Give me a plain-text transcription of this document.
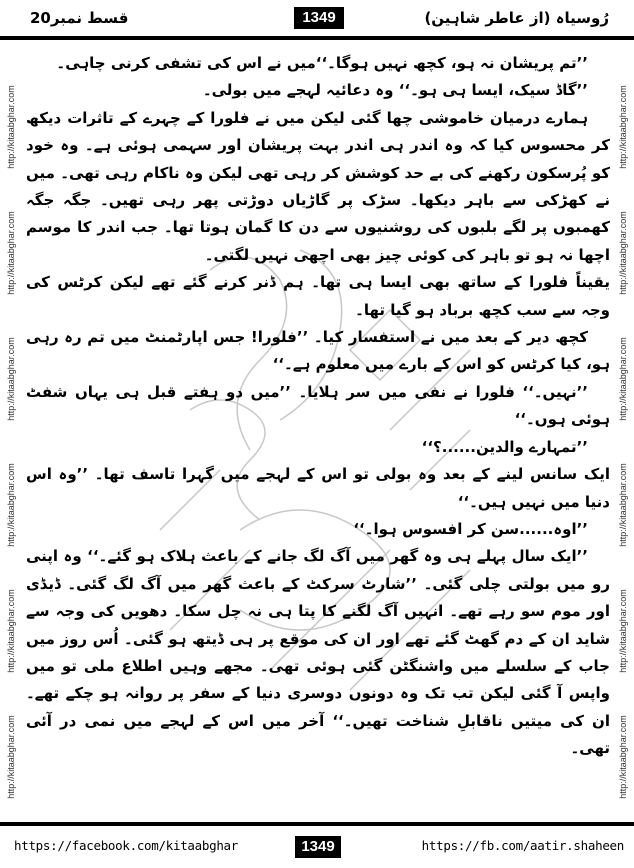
رُوسیاہ (از عاطر شاہین)
1349
قسط نمبر20
http://kitaabghar.comhttp://kitaabghar.comhttp://kitaabghar.comhttp://kitaabghar.comhttp://kitaabghar.comhttp://kitaabghar.com
http://kitaabghar.comhttp://kitaabghar.comhttp://kitaabghar.comhttp://kitaabghar.comhttp://kitaabghar.comhttp://kitaabghar.com

’’تم پریشان نہ ہو، کچھ نہیں ہوگا۔‘‘میں نے اس کی تشفی کرنی چاہی۔

’’گاڈ سیک، ایسا ہی ہو۔‘‘ وہ دعائیہ لہجے میں بولی۔

ہمارے درمیان خاموشی چھا گئی لیکن میں نے فلورا کے چہرے کے تاثرات دیکھ کر محسوس کیا کہ وہ اندر ہی اندر بہت پریشان اور سہمی ہوئی ہے۔ وہ خود کو پُرسکون رکھنے کی بے حد کوشش کر رہی تھی لیکن وہ ناکام رہی تھی۔ میں نے کھڑکی سے باہر دیکھا۔ سڑک پر گاڑیاں دوڑتی پھر رہی تھیں۔ جگہ جگہ کھمبوں پر لگے بلبوں کی روشنیوں سے دن کا گمان ہوتا تھا۔ جب اندر کا موسم اچھا نہ ہو تو باہر کی کوئی چیز بھی اچھی نہیں لگتی۔

یقیناً فلورا کے ساتھ بھی ایسا ہی تھا۔ ہم ڈنر کرنے گئے تھے لیکن کرٹس کی وجہ سے سب کچھ برباد ہو گیا تھا۔

کچھ دیر کے بعد میں نے استفسار کیا۔ ’’فلورا! جس اپارٹمنٹ میں تم رہ رہی ہو، کیا کرٹس کو اس کے بارے میں معلوم ہے۔‘‘

’’نہیں۔‘‘ فلورا نے نفی میں سر ہلایا۔ ’’میں دو ہفتے قبل ہی یہاں شفٹ ہوئی ہوں۔‘‘

’’تمہارے والدین......؟‘‘

ایک سانس لینے کے بعد وہ بولی تو اس کے لہجے میں گہرا تاسف تھا۔ ’’وہ اس دنیا میں نہیں ہیں۔‘‘

’’اوہ......سن کر افسوس ہوا۔‘‘

’’ایک سال پہلے ہی وہ گھر میں آگ لگ جانے کے باعث ہلاک ہو گئے۔‘‘ وہ اپنی رو میں بولتی چلی گئی۔ ’’شارٹ سرکٹ کے باعث گھر میں آگ لگ گئی۔ ڈیڈی اور موم سو رہے تھے۔ انہیں آگ لگنے کا پتا ہی نہ چل سکا۔ دھویں کی وجہ سے شاید ان کے دم گھٹ گئے تھے اور ان کی موقع پر ہی ڈیتھ ہو گئی۔ اُس روز میں جاب کے سلسلے میں واشنگٹن گئی ہوئی تھی۔ مجھے وہیں اطلاع ملی تو میں واپس آ گئی لیکن تب تک وہ دونوں دوسری دنیا کے سفر پر روانہ ہو چکے تھے۔ ان کی میتیں ناقابلِ شناخت تھیں۔‘‘ آخر میں اس کے لہجے میں نمی در آئی تھی۔

https://facebook.com/kitaabghar	1349	https://fb.com/aatir.shaheen
